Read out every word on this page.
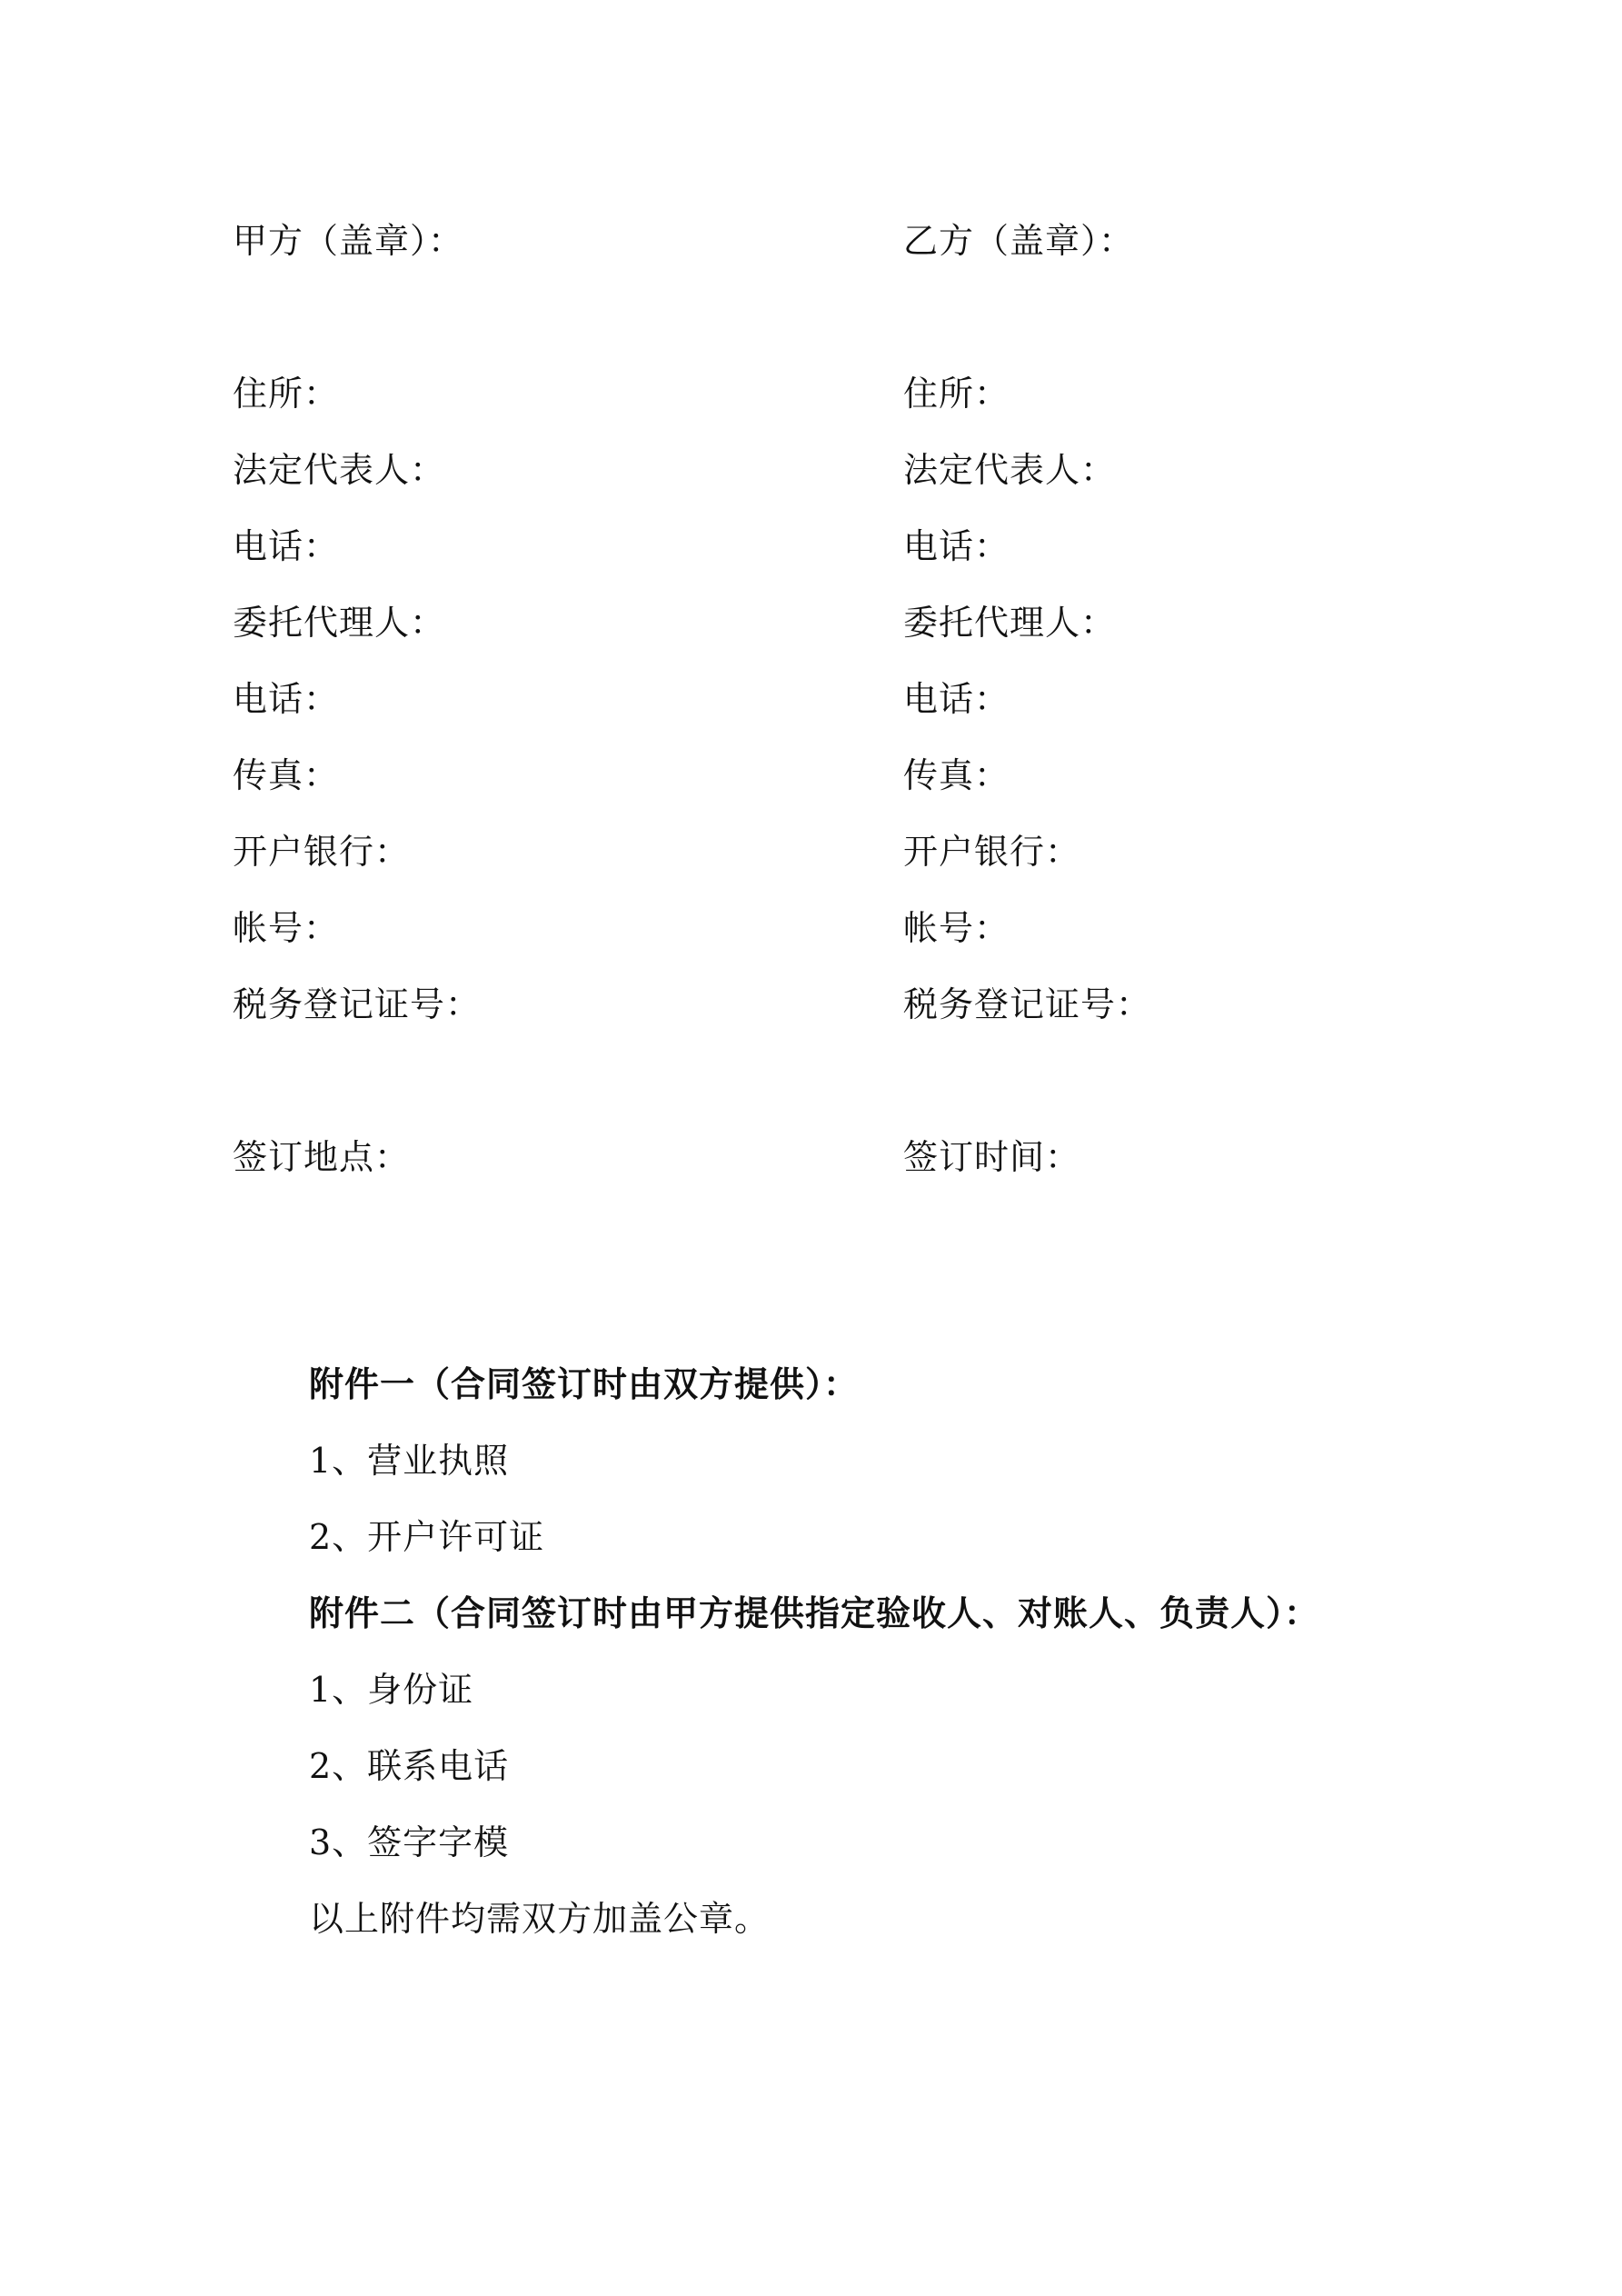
甲方（盖章）：
住所：
法定代表人：
电话：
委托代理人：
电话：
传真：
开户银行：
帐号：
税务登记证号：
签订地点：
乙方（盖章）：
住所：
法定代表人：
电话：
委托代理人：
电话：
传真：
开户银行：
帐号：
税务登记证号：
签订时间：
附件一（合同签订时由双方提供）：
1、营业执照
2、开户许可证
附件二（合同签订时由甲方提供指定验收人、对账人、负责人）：
1、身份证
2、联系电话
3、签字字模
以上附件均需双方加盖公章。
